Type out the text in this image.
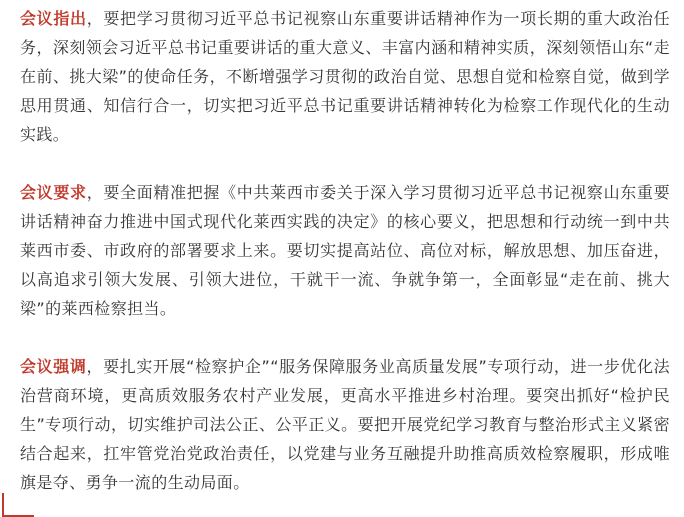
会议指出，要把学习贯彻习近平总书记视察山东重要讲话精神作为一项长期的重大政治任务，深刻领会习近平总书记重要讲话的重大意义、丰富内涵和精神实质，深刻领悟山东“走在前、挑大梁”的使命任务，不断增强学习贯彻的政治自觉、思想自觉和检察自觉，做到学思用贯通、知信行合一，切实把习近平总书记重要讲话精神转化为检察工作现代化的生动实践。

会议要求，要全面精准把握《中共莱西市委关于深入学习贯彻习近平总书记视察山东重要讲话精神奋力推进中国式现代化莱西实践的决定》的核心要义，把思想和行动统一到中共莱西市委、市政府的部署要求上来。要切实提高站位、高位对标，解放思想、加压奋进，以高追求引领大发展、引领大进位，干就干一流、争就争第一，全面彰显“走在前、挑大梁”的莱西检察担当。

会议强调，要扎实开展“检察护企”“服务保障服务业高质量发展”专项行动，进一步优化法治营商环境，更高质效服务农村产业发展，更高水平推进乡村治理。要突出抓好“检护民生”专项行动，切实维护司法公正、公平正义。要把开展党纪学习教育与整治形式主义紧密结合起来，扛牢管党治党政治责任，以党建与业务互融提升助推高质效检察履职，形成唯旗是夺、勇争一流的生动局面。
